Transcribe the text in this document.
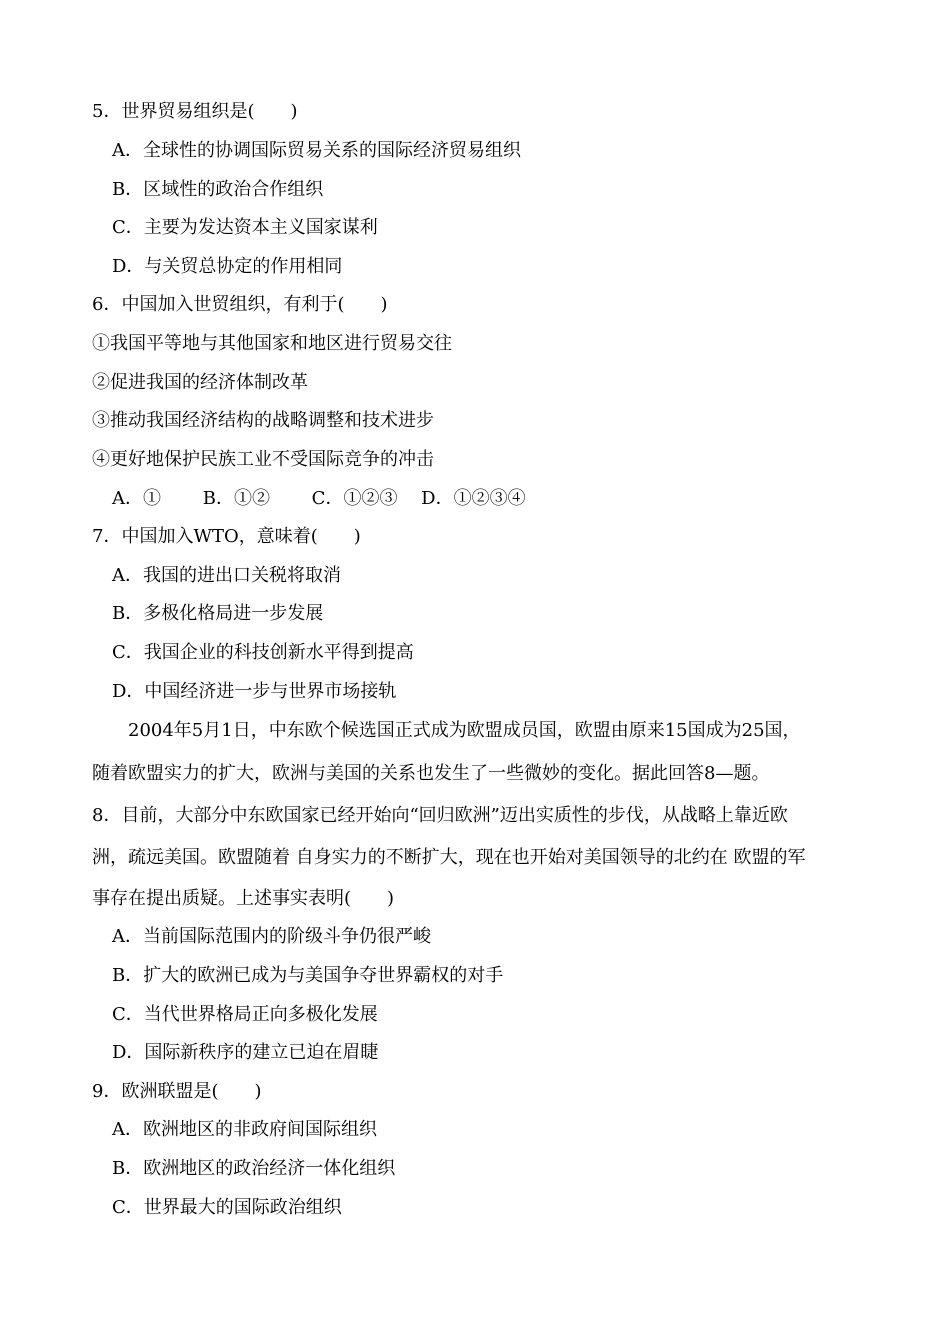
5．世界贸易组织是(　　)
A．全球性的协调国际贸易关系的国际经济贸易组织
B．区域性的政治合作组织
C．主要为发达资本主义国家谋利
D．与关贸总协定的作用相同
6．中国加入世贸组织，有利于(　　)
①我国平等地与其他国家和地区进行贸易交往
②促进我国的经济体制改革
③推动我国经济结构的战略调整和技术进步
④更好地保护民族工业不受国际竞争的冲击
A．①　　 B．①②　　 C．①②③　 D．①②③④
7．中国加入WTO，意味着(　　)
A．我国的进出口关税将取消
B．多极化格局进一步发展
C．我国企业的科技创新水平得到提高
D．中国经济进一步与世界市场接轨
2004年5月1日，中东欧个候选国正式成为欧盟成员国，欧盟由原来15国成为25国，
随着欧盟实力的扩大，欧洲与美国的关系也发生了一些微妙的变化。据此回答8—题。
8．目前，大部分中东欧国家已经开始向“回归欧洲”迈出实质性的步伐，从战略上靠近欧
洲，疏远美国。欧盟随着 自身实力的不断扩大，现在也开始对美国领导的北约在 欧盟的军
事存在提出质疑。上述事实表明(　　)
A．当前国际范围内的阶级斗争仍很严峻
B．扩大的欧洲已成为与美国争夺世界霸权的对手
C．当代世界格局正向多极化发展
D．国际新秩序的建立已迫在眉睫
9．欧洲联盟是(　　)
A．欧洲地区的非政府间国际组织
B．欧洲地区的政治经济一体化组织
C．世界最大的国际政治组织
